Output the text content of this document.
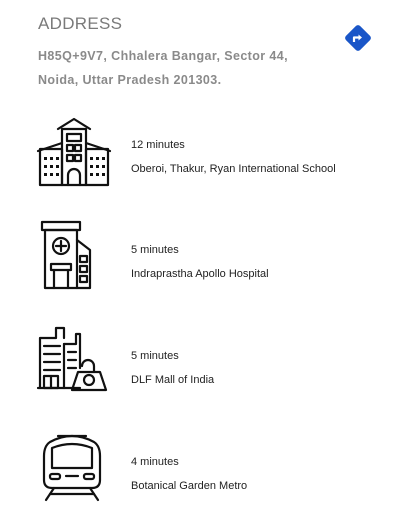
ADDRESS
H85Q+9V7, Chhalera Bangar, Sector 44,
Noida, Uttar Pradesh 201303.
12 minutes
Oberoi, Thakur, Ryan International School
5 minutes
Indraprastha Apollo Hospital
5 minutes
DLF Mall of India
4 minutes
Botanical Garden Metro
